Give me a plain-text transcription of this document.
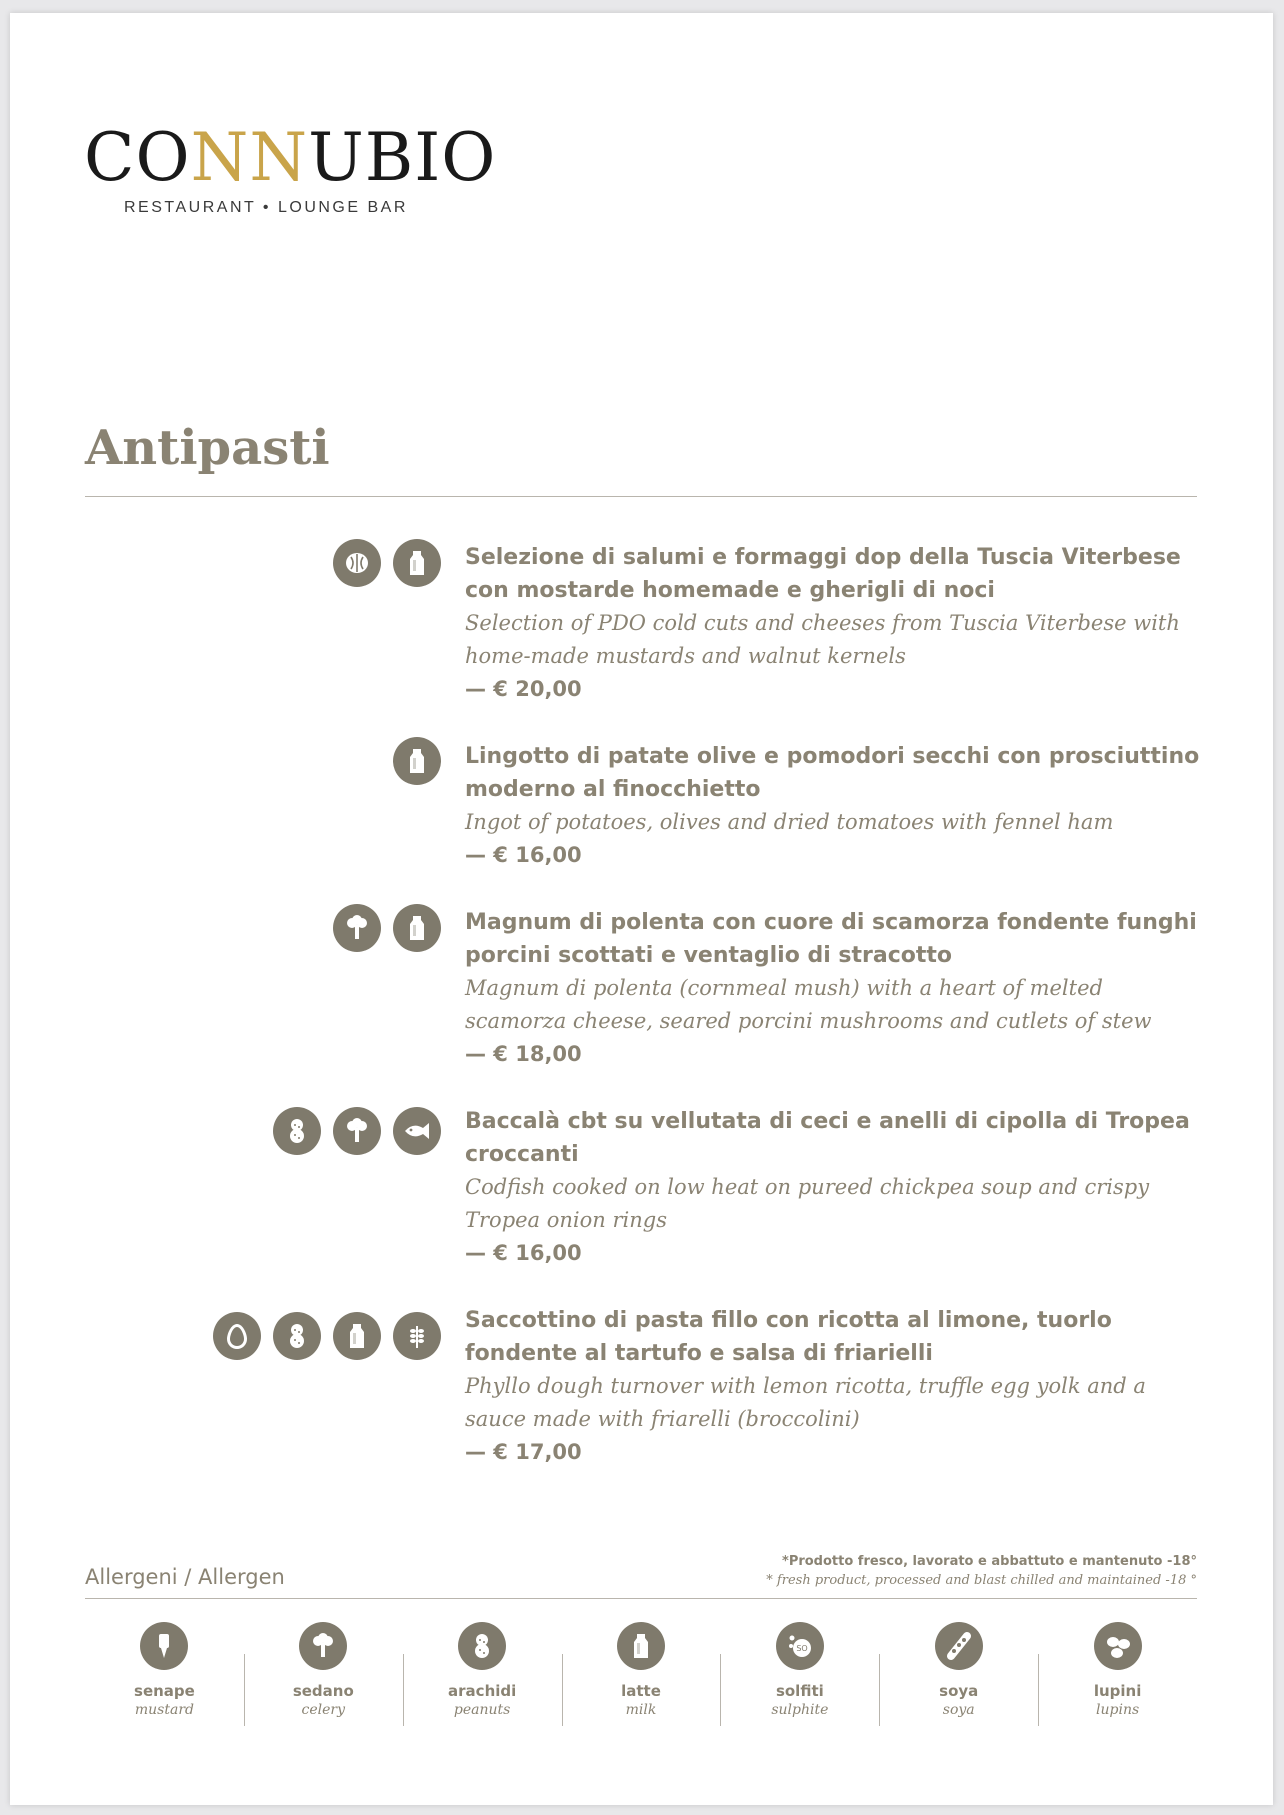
CO NN UBIO
RESTAURANT • LOUNGE BAR
Antipasti
Selezione di salumi e formaggi dop della Tuscia Viterbese con mostarde homemade e gherigli di noci
Selection of PDO cold cuts and cheeses from Tuscia Viterbese with home-made mustards and walnut kernels
— € 20,00
Lingotto di patate olive e pomodori secchi con prosciuttino moderno al finocchietto
Ingot of potatoes, olives and dried tomatoes with fennel ham
— € 16,00
Magnum di polenta con cuore di scamorza fondente funghi porcini scottati e ventaglio di stracotto
Magnum di polenta (cornmeal mush) with a heart of melted scamorza cheese, seared porcini mushrooms and cutlets of stew
— € 18,00
Baccalà cbt su vellutata di ceci e anelli di cipolla di Tropea croccanti
Codfish cooked on low heat on pureed chickpea soup and crispy Tropea onion rings
— € 16,00
Saccottino di pasta fillo con ricotta al limone, tuorlo fondente al tartufo e salsa di friarielli
Phyllo dough turnover with lemon ricotta, truffle egg yolk and a sauce made with friarelli (broccolini)
— € 17,00
Allergeni / Allergen
*Prodotto fresco, lavorato e abbattuto e mantenuto -18°
* fresh product, processed and blast chilled and maintained -18 °
senape
mustard
sedano
celery
arachidi
peanuts
latte
milk
SO
solfiti
sulphite
soya
soya
lupini
lupins
